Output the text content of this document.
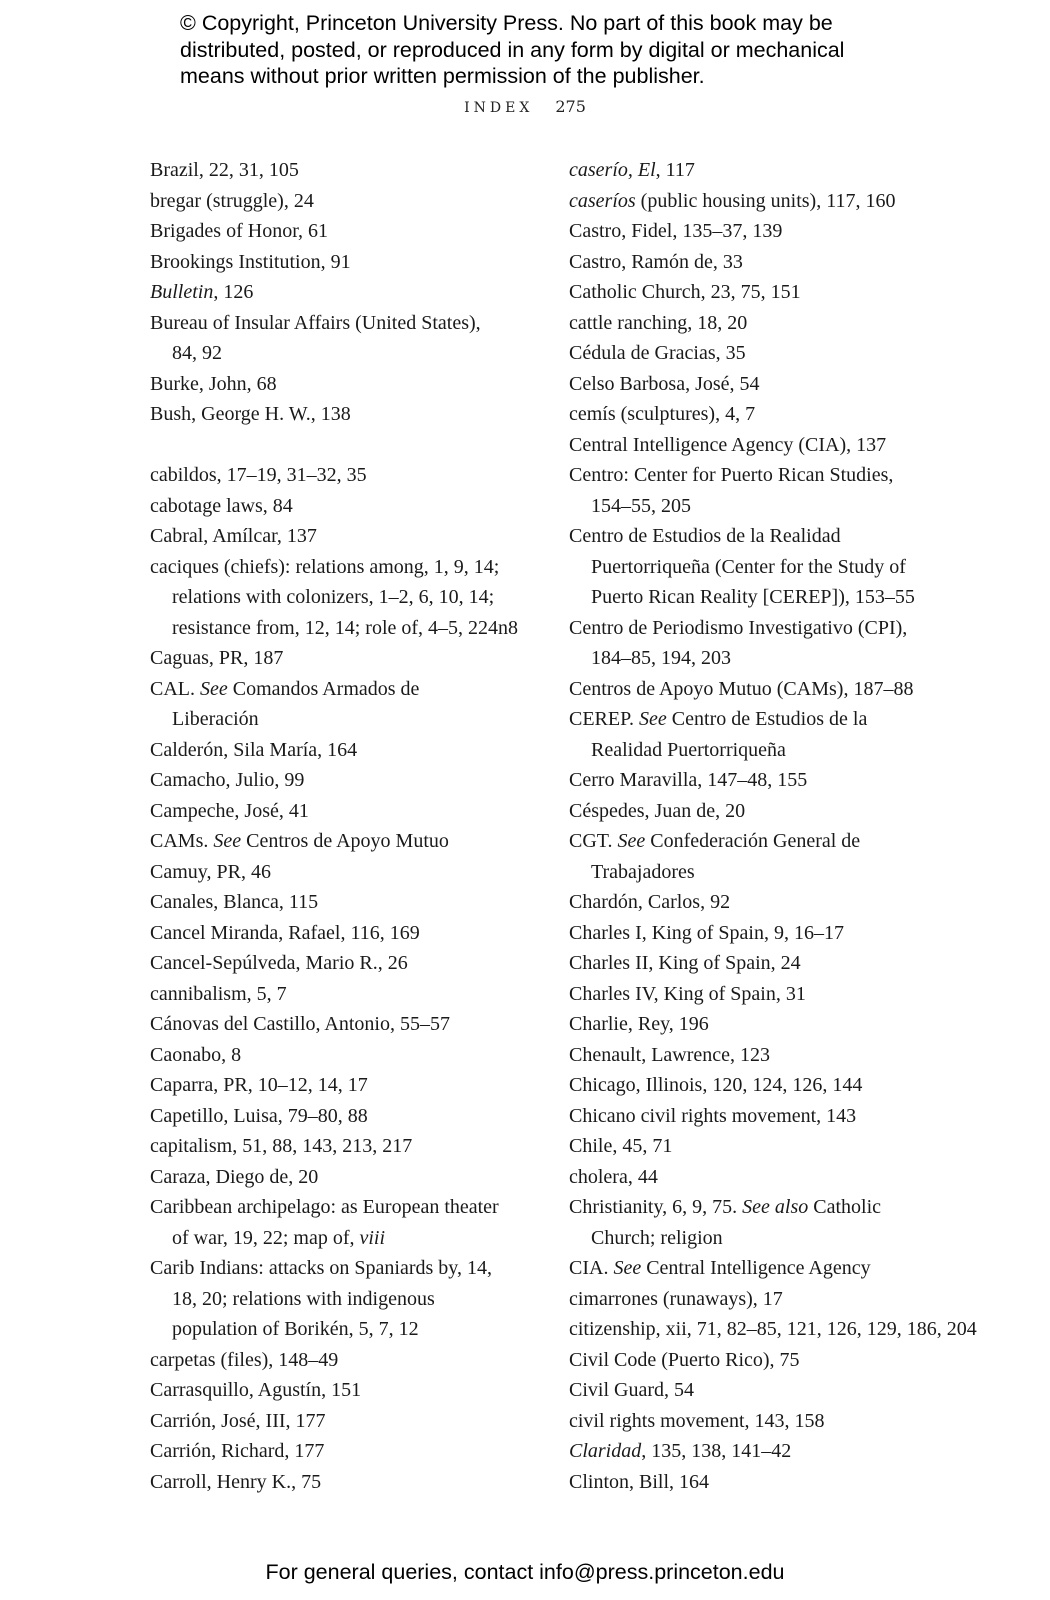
© Copyright, Princeton University Press. No part of this book may be
distributed, posted, or reproduced in any form by digital or mechanical
means without prior written permission of the publisher.
INDEX 275
Brazil, 22, 31, 105
bregar (struggle), 24
Brigades of Honor, 61
Brookings Institution, 91
Bulletin, 126
Bureau of Insular Affairs (United States),
84, 92
Burke, John, 68
Bush, George H. W., 138
cabildos, 17–19, 31–32, 35
cabotage laws, 84
Cabral, Amílcar, 137
caciques (chiefs): relations among, 1, 9, 14;
relations with colonizers, 1–2, 6, 10, 14;
resistance from, 12, 14; role of, 4–5, 224n8
Caguas, PR, 187
CAL. See Comandos Armados de
Liberación
Calderón, Sila María, 164
Camacho, Julio, 99
Campeche, José, 41
CAMs. See Centros de Apoyo Mutuo
Camuy, PR, 46
Canales, Blanca, 115
Cancel Miranda, Rafael, 116, 169
Cancel-Sepúlveda, Mario R., 26
cannibalism, 5, 7
Cánovas del Castillo, Antonio, 55–57
Caonabo, 8
Caparra, PR, 10–12, 14, 17
Capetillo, Luisa, 79–80, 88
capitalism, 51, 88, 143, 213, 217
Caraza, Diego de, 20
Caribbean archipelago: as European theater
of war, 19, 22; map of, viii
Carib Indians: attacks on Spaniards by, 14,
18, 20; relations with indigenous
population of Borikén, 5, 7, 12
carpetas (files), 148–49
Carrasquillo, Agustín, 151
Carrión, José, III, 177
Carrión, Richard, 177
Carroll, Henry K., 75
caserío, El, 117
caseríos (public housing units), 117, 160
Castro, Fidel, 135–37, 139
Castro, Ramón de, 33
Catholic Church, 23, 75, 151
cattle ranching, 18, 20
Cédula de Gracias, 35
Celso Barbosa, José, 54
cemís (sculptures), 4, 7
Central Intelligence Agency (CIA), 137
Centro: Center for Puerto Rican Studies,
154–55, 205
Centro de Estudios de la Realidad
Puertorriqueña (Center for the Study of
Puerto Rican Reality [CEREP]), 153–55
Centro de Periodismo Investigativo (CPI),
184–85, 194, 203
Centros de Apoyo Mutuo (CAMs), 187–88
CEREP. See Centro de Estudios de la
Realidad Puertorriqueña
Cerro Maravilla, 147–48, 155
Céspedes, Juan de, 20
CGT. See Confederación General de
Trabajadores
Chardón, Carlos, 92
Charles I, King of Spain, 9, 16–17
Charles II, King of Spain, 24
Charles IV, King of Spain, 31
Charlie, Rey, 196
Chenault, Lawrence, 123
Chicago, Illinois, 120, 124, 126, 144
Chicano civil rights movement, 143
Chile, 45, 71
cholera, 44
Christianity, 6, 9, 75. See also Catholic
Church; religion
CIA. See Central Intelligence Agency
cimarrones (runaways), 17
citizenship, xii, 71, 82–85, 121, 126, 129, 186, 204
Civil Code (Puerto Rico), 75
Civil Guard, 54
civil rights movement, 143, 158
Claridad, 135, 138, 141–42
Clinton, Bill, 164
For general queries, contact info@press.princeton.edu
